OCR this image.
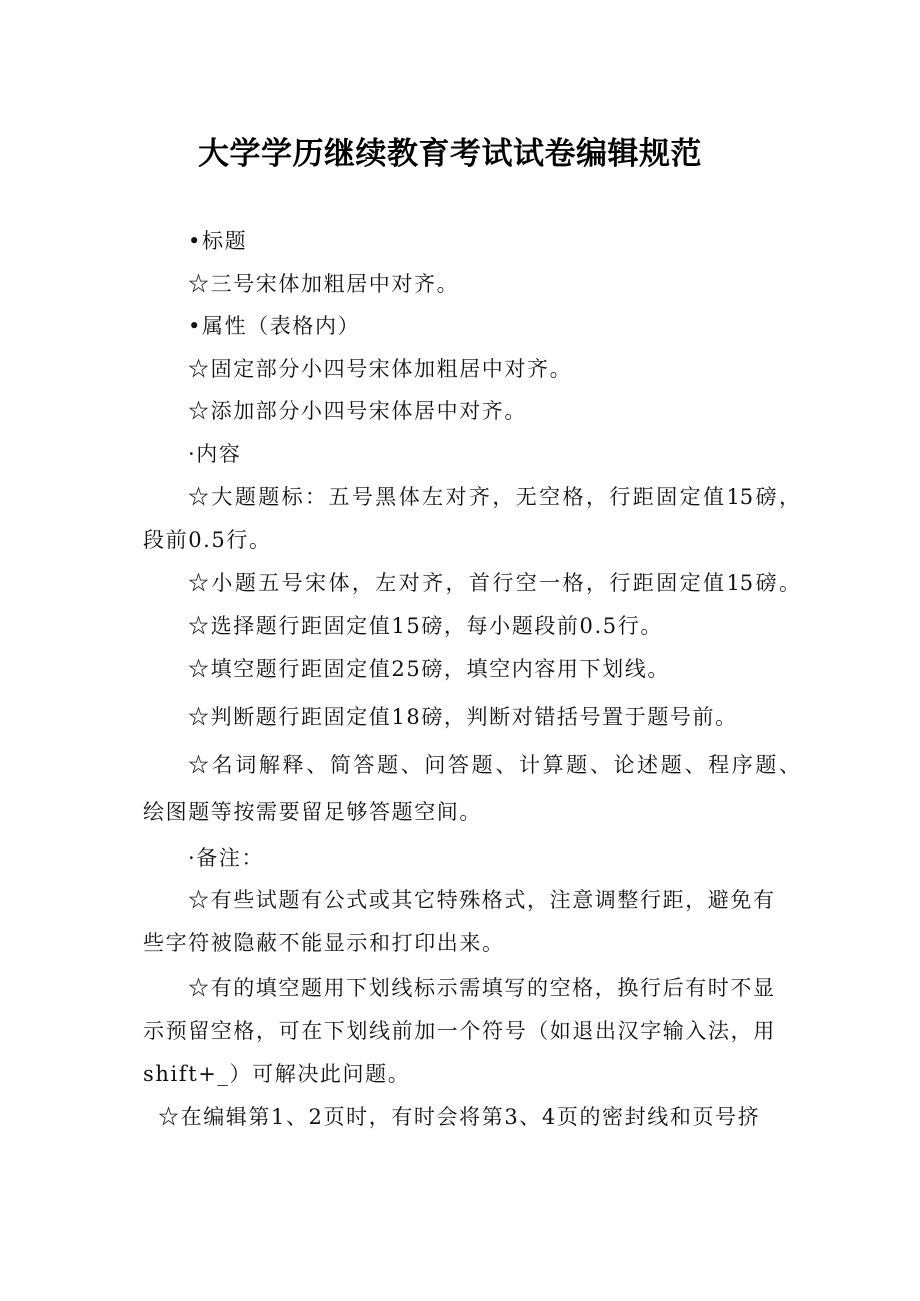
大学学历继续教育考试试卷编辑规范
•标题
☆三号宋体加粗居中对齐。
•属性（表格内）
☆固定部分小四号宋体加粗居中对齐。
☆添加部分小四号宋体居中对齐。
·内容
☆大题题标：五号黑体左对齐，无空格，行距固定值15磅，
段前0.5行。
☆小题五号宋体，左对齐，首行空一格，行距固定值15磅。
☆选择题行距固定值15磅，每小题段前0.5行。
☆填空题行距固定值25磅，填空内容用下划线。
☆判断题行距固定值18磅，判断对错括号置于题号前。
☆名词解释、简答题、问答题、计算题、论述题、程序题、
绘图题等按需要留足够答题空间。
·备注：
☆有些试题有公式或其它特殊格式，注意调整行距，避免有
些字符被隐蔽不能显示和打印出来。
☆有的填空题用下划线标示需填写的空格，换行后有时不显
示预留空格，可在下划线前加一个符号（如退出汉字输入法，用
shift+_）可解决此问题。
☆在编辑第1、2页时，有时会将第3、4页的密封线和页号挤
